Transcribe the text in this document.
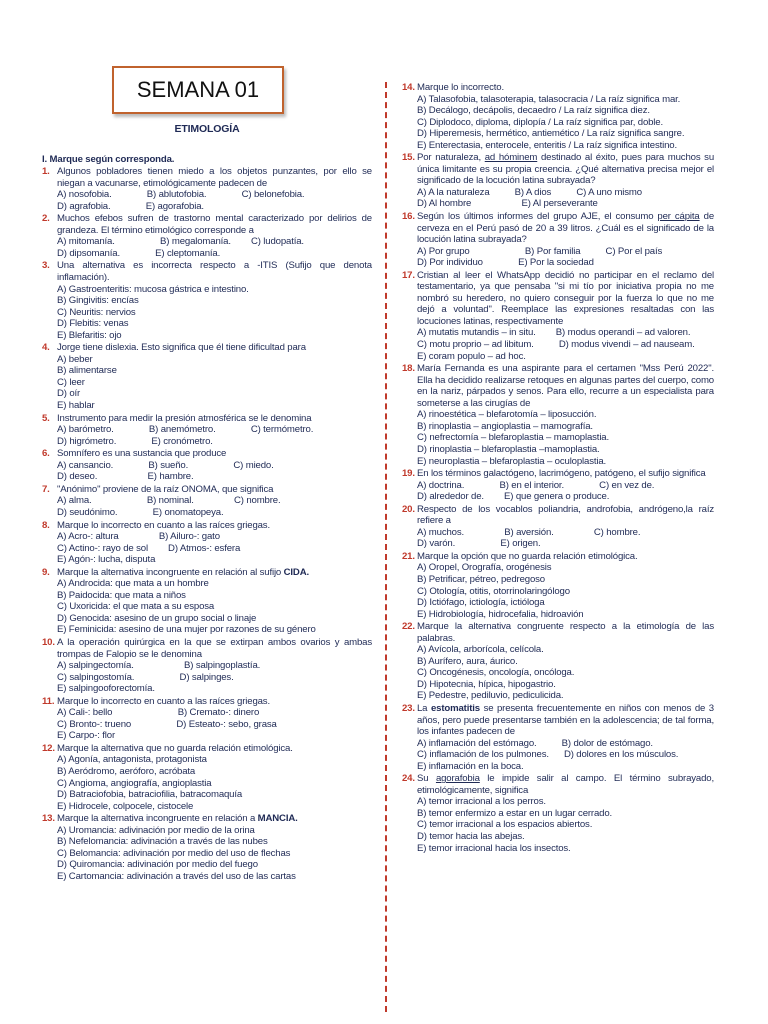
SEMANA 01
ETIMOLOGÍA
I. Marque según corresponda.
1. Algunos pobladores tienen miedo a los objetos punzantes, por ello se niegan a vacunarse, etimológicamente padecen de
A) nosofobia.              B) ablutofobia.              C) belonefobia.
D) agrafobia.              E) agorafobia.
2. Muchos efebos sufren de trastorno mental caracterizado por delirios de grandeza. El término etimológico corresponde a
A) mitomanía.                  B) megalomanía.        C) ludopatía.
D) dipsomanía.              E) cleptomanía.
3. Una alternativa es incorrecta respecto a -ITIS (Sufijo que denota inflamación).
A) Gastroenteritis: mucosa gástrica e intestino.
B) Gingivitis: encías
C) Neuritis: nervios
D) Flebitis: venas
E) Blefaritis: ojo
4. Jorge tiene dislexia. Esto significa que él tiene dificultad para
A) beber
B) alimentarse
C) leer
D) oír
E) hablar
5. Instrumento para medir la presión atmosférica se le denomina
A) barómetro.              B) anemómetro.              C) termómetro.
D) higrómetro.              E) cronómetro.
6. Somnífero es una sustancia que produce
A) cansancio.              B) sueño.                  C) miedo.
D) deseo.                    E) hambre.
7. "Anónimo" proviene de la raíz ONOMA, que significa
A) alma.                      B) nominal.                C) nombre.
D) seudónimo.              E) onomatopeya.
8. Marque lo incorrecto en cuanto a las raíces griegas.
A) Acro-: altura                B) Ailuro-: gato
C) Actino-: rayo de sol        D) Atmos-: esfera
E) Agón-: lucha, disputa
9. Marque la alternativa incongruente en relación al sufijo CIDA.
A) Androcida: que mata a un hombre
B) Paidocida: que mata a niños
C) Uxoricida: el que mata a su esposa
D) Genocida: asesino de un grupo social o linaje
E) Feminicida: asesino de una mujer por razones de su género
10. A la operación quirúrgica en la que se extirpan ambos ovarios y ambas trompas de Falopio se le denomina
A) salpingectomía.                    B) salpingoplastía.
C) salpingostomía.                  D) salpinges.
E) salpingooforectomía.
11. Marque lo incorrecto en cuanto a las raíces griegas.
A) Cali-: bello                          B) Cremato-: dinero
C) Bronto-: trueno                  D) Esteato-: sebo, grasa
E) Carpo-: flor
12. Marque la alternativa que no guarda relación etimológica.
A) Agonía, antagonista, protagonista
B) Aeródromo, aeróforo, acróbata
C) Angioma, angiografía, angioplastia
D) Batraciofobia, batraciofilia, batracomaquía
E) Hidrocele, colpocele, cistocele
13. Marque la alternativa incongruente en relación a MANCIA.
A) Uromancia: adivinación por medio de la orina
B) Nefelomancia: adivinación a través de las nubes
C) Belomancia: adivinación por medio del uso de flechas
D) Quiromancia: adivinación por medio del fuego
E) Cartomancia: adivinación a través del uso de las cartas
14. Marque lo incorrecto.
A) Talasofobia, talasoterapia, talasocracia / La raíz significa mar.
B) Decálogo, decápolis, decaedro / La raíz significa diez.
C) Diplodoco, diploma, diplopía / La raíz significa par, doble.
D) Hiperemesis, hermético, antiemético / La raíz significa sangre.
E) Enterectasia, enterocele, enteritis / La raíz significa intestino.
15. Por naturaleza, ad hóminem destinado al éxito, pues para muchos su única limitante es su propia creencia. ¿Qué alternativa precisa mejor el significado de la locución latina subrayada?
A) A la naturaleza          B) A dios          C) A uno mismo
D) Al hombre                    E) Al perseverante
16. Según los últimos informes del grupo AJE, el consumo per cápita de cerveza en el Perú pasó de 20 a 39 litros. ¿Cuál es el significado de la locución latina subrayada?
A) Por grupo                      B) Por familia          C) Por el país
D) Por individuo              E) Por la sociedad
17. Cristian al leer el WhatsApp decidió no participar en el reclamo del testamentario, ya que pensaba "si mi tío por iniciativa propia no me nombró su heredero, no quiero conseguir por la fuerza lo que no me dejó a voluntad". Reemplace las expresiones resaltadas con las locuciones latinas, respectivamente
A) mutatis mutandis – in situ.        B) modus operandi – ad valoren.
C) motu proprio – ad libitum.          D) modus vivendi – ad nauseam.
E) coram populo – ad hoc.
18. María Fernanda es una aspirante para el certamen "Mss Perú 2022". Ella ha decidido realizarse retoques en algunas partes del cuerpo, como en la nariz, párpados y senos. Para ello, recurre a un especialista para someterse a las cirugías de
A) rinoestética – blefarotomía – liposucción.
B) rinoplastia – angioplastia – mamografía.
C) nefrectomía – blefaroplastia – mamoplastia.
D) rinoplastia – blefaroplastia –mamoplastia.
E) neuroplastia – blefaroplastia – oculoplastia.
19. En los términos galactógeno, lacrimógeno, patógeno, el sufijo significa
A) doctrina.              B) en el interior.              C) en vez de.
D) alrededor de.        E) que genera o produce.
20. Respecto de los vocablos poliandria, androfobia, andrógeno,la raíz refiere a
A) muchos.                B) aversión.                C) hombre.
D) varón.                  E) origen.
21. Marque la opción que no guarda relación etimológica.
A) Oropel, Orografía, orogénesis
B) Petrificar, pétreo, pedregoso
C) Otología, otitis, otorrinolaringólogo
D) Ictiófago, ictiología, ictióloga
E) Hidrobiología, hidrocefalia, hidroavión
22. Marque la alternativa congruente respecto a la etimología de las palabras.
A) Avícola, arborícola, celícola.
B) Aurífero, aura, áurico.
C) Oncogénesis, oncología, oncóloga.
D) Hipotecnia, hípica, hipogastrio.
E) Pedestre, pediluvio, pediculicida.
23. La estomatitis se presenta frecuentemente en niños con menos de 3 años, pero puede presentarse también en la adolescencia; de tal forma, los infantes padecen de
A) inflamación del estómago.          B) dolor de estómago.
C) inflamación de los pulmones.      D) dolores en los músculos.
E) inflamación en la boca.
24. Su agorafobia le impide salir al campo. El término subrayado, etimológicamente, significa
A) temor irracional a los perros.
B) temor enfermizo a estar en un lugar cerrado.
C) temor irracional a los espacios abiertos.
D) temor hacia las abejas.
E) temor irracional hacia los insectos.
